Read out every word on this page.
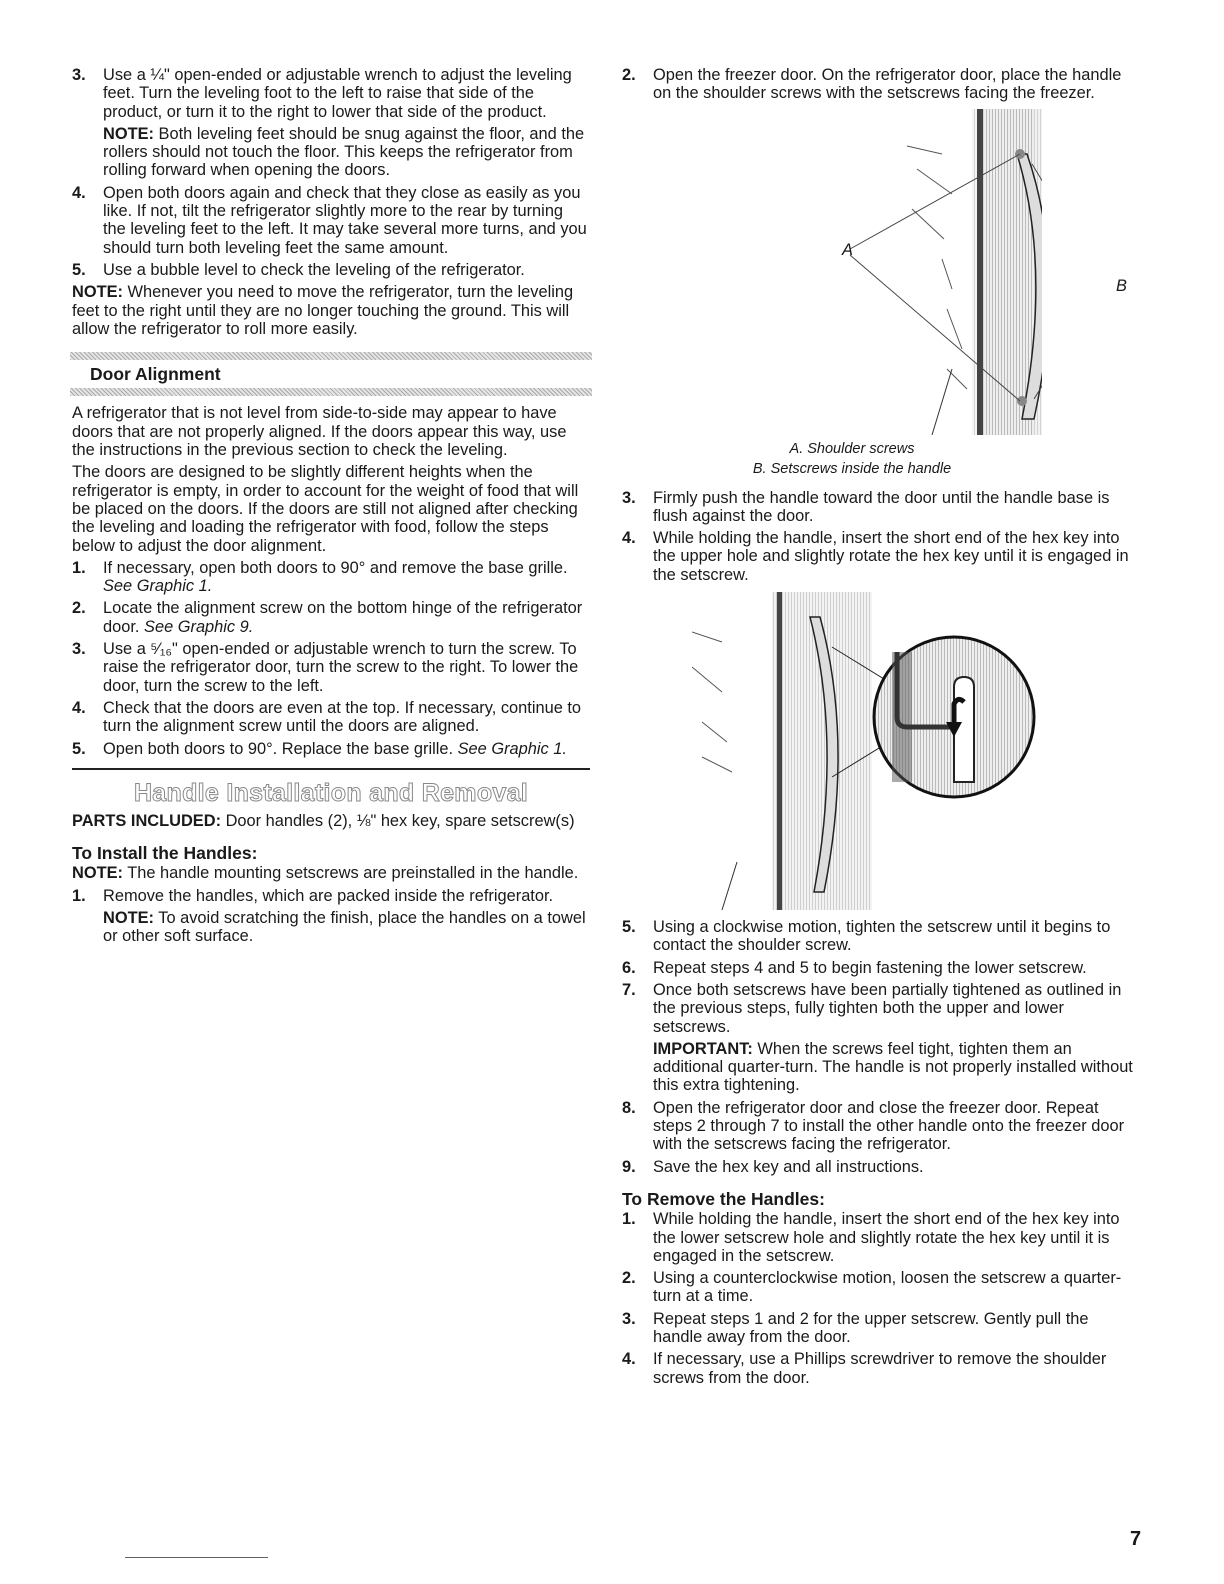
3. Use a ¼" open-ended or adjustable wrench to adjust the leveling feet. Turn the leveling foot to the left to raise that side of the product, or turn it to the right to lower that side of the product.

NOTE: Both leveling feet should be snug against the floor, and the rollers should not touch the floor. This keeps the refrigerator from rolling forward when opening the doors.

4. Open both doors again and check that they close as easily as you like. If not, tilt the refrigerator slightly more to the rear by turning the leveling feet to the left. It may take several more turns, and you should turn both leveling feet the same amount.
5. Use a bubble level to check the leveling of the refrigerator.

NOTE: Whenever you need to move the refrigerator, turn the leveling feet to the right until they are no longer touching the ground. This will allow the refrigerator to roll more easily.

Door Alignment

A refrigerator that is not level from side-to-side may appear to have doors that are not properly aligned. If the doors appear this way, use the instructions in the previous section to check the leveling.

The doors are designed to be slightly different heights when the refrigerator is empty, in order to account for the weight of food that will be placed on the doors. If the doors are still not aligned after checking the leveling and loading the refrigerator with food, follow the steps below to adjust the door alignment.

1. If necessary, open both doors to 90° and remove the base grille. See Graphic 1.
2. Locate the alignment screw on the bottom hinge of the refrigerator door. See Graphic 9.
3. Use a ⁵⁄₁₆" open-ended or adjustable wrench to turn the screw. To raise the refrigerator door, turn the screw to the right. To lower the door, turn the screw to the left.
4. Check that the doors are even at the top. If necessary, continue to turn the alignment screw until the doors are aligned.
5. Open both doors to 90°. Replace the base grille. See Graphic 1.
Handle Installation and Removal

PARTS INCLUDED: Door handles (2), ⅛" hex key, spare setscrew(s)

To Install the Handles:

NOTE: The handle mounting setscrews are preinstalled in the handle.

1. Remove the handles, which are packed inside the refrigerator.

NOTE: To avoid scratching the finish, place the handles on a towel or other soft surface.

2. Open the freezer door. On the refrigerator door, place the handle on the shoulder screws with the setscrews facing the freezer.
A
B
A. Shoulder screws
B. Setscrews inside the handle
3. Firmly push the handle toward the door until the handle base is flush against the door.
4. While holding the handle, insert the short end of the hex key into the upper hole and slightly rotate the hex key until it is engaged in the setscrew.
5. Using a clockwise motion, tighten the setscrew until it begins to contact the shoulder screw.
6. Repeat steps 4 and 5 to begin fastening the lower setscrew.
7. Once both setscrews have been partially tightened as outlined in the previous steps, fully tighten both the upper and lower setscrews.

IMPORTANT: When the screws feel tight, tighten them an additional quarter-turn. The handle is not properly installed without this extra tightening.

8. Open the refrigerator door and close the freezer door. Repeat steps 2 through 7 to install the other handle onto the freezer door with the setscrews facing the refrigerator.
9. Save the hex key and all instructions.
To Remove the Handles:
1. While holding the handle, insert the short end of the hex key into the lower setscrew hole and slightly rotate the hex key until it is engaged in the setscrew.
2. Using a counterclockwise motion, loosen the setscrew a quarter-turn at a time.
3. Repeat steps 1 and 2 for the upper setscrew. Gently pull the handle away from the door.
4. If necessary, use a Phillips screwdriver to remove the shoulder screws from the door.
7
